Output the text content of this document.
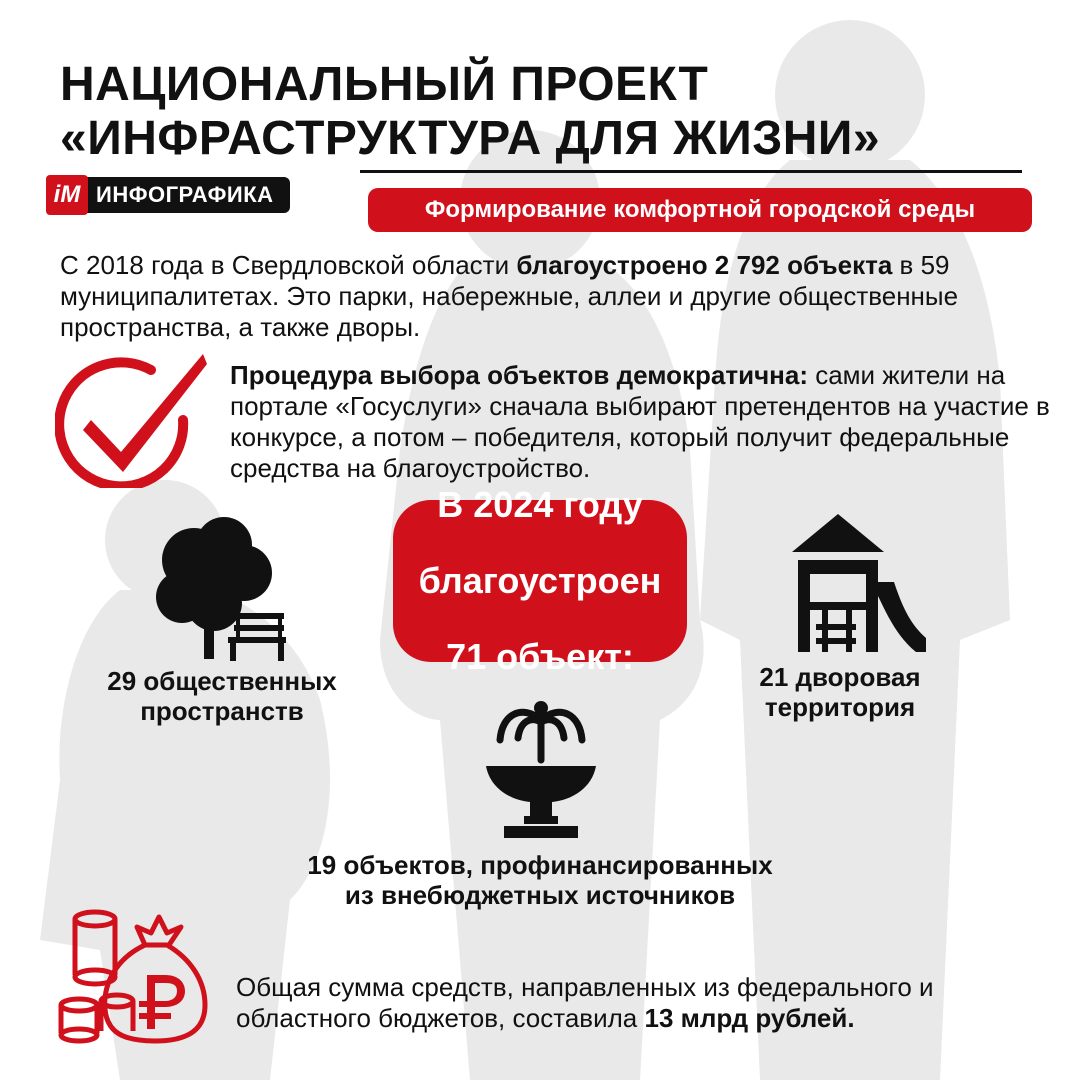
НАЦИОНАЛЬНЫЙ ПРОЕКТ
«ИНФРАСТРУКТУРА ДЛЯ ЖИЗНИ»
iМ ИНФОГРАФИКА
Формирование комфортной городской среды

С 2018 года в Свердловской области благоустроено 2 792 объекта в 59 муниципалитетах. Это парки, набережные, аллеи и другие общественные пространства, а также дворы.

Процедура выбора объектов демократична: сами жители на портале «Госуслуги» сначала выбирают претендентов на участие в конкурсе, а потом – победителя, который получит федеральные средства на благоустройство.

В 2024 году

благоустроен

71 объект:

29 общественных
пространств

21 дворовая
территория

19 объектов, профинансированных
из внебюджетных источников

Общая сумма средств, направленных из федерального и областного бюджетов, составила 13 млрд рублей.
